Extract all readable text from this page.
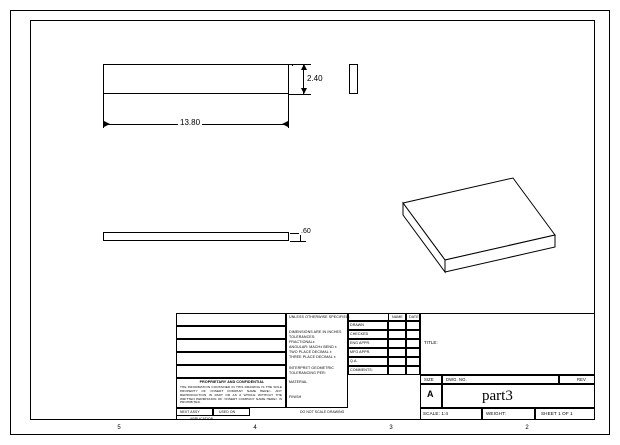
5	4	3	2
2.40
13.80
.60
PROPRIETARY AND CONFIDENTIAL
THE INFORMATION CONTAINED IN THIS DRAWING IS THE SOLE PROPERTY OF <INSERT COMPANY NAME HERE>. ANY REPRODUCTION IN PART OR AS A WHOLE WITHOUT THE WRITTEN PERMISSION OF <INSERT COMPANY NAME HERE> IS PROHIBITED.
NEXT ASSY	USED ON
APPLICATION
UNLESS OTHERWISE SPECIFIED:
DIMENSIONS ARE IN INCHES
TOLERANCES:
FRACTIONAL±
ANGULAR: MACH± BEND ±
TWO PLACE DECIMAL ±
THREE PLACE DECIMAL ±
INTERPRET GEOMETRIC
TOLERANCING PER:
MATERIAL
FINISH
DO NOT SCALE DRAWING
NAME DATE
DRAWN
CHECKED
ENG APPR.
MFG APPR.
Q.A.
COMMENTS:
TITLE:
SIZE	DWG. NO.	REV
A	part3
SCALE: 1:4	WEIGHT:	SHEET 1 OF 1
